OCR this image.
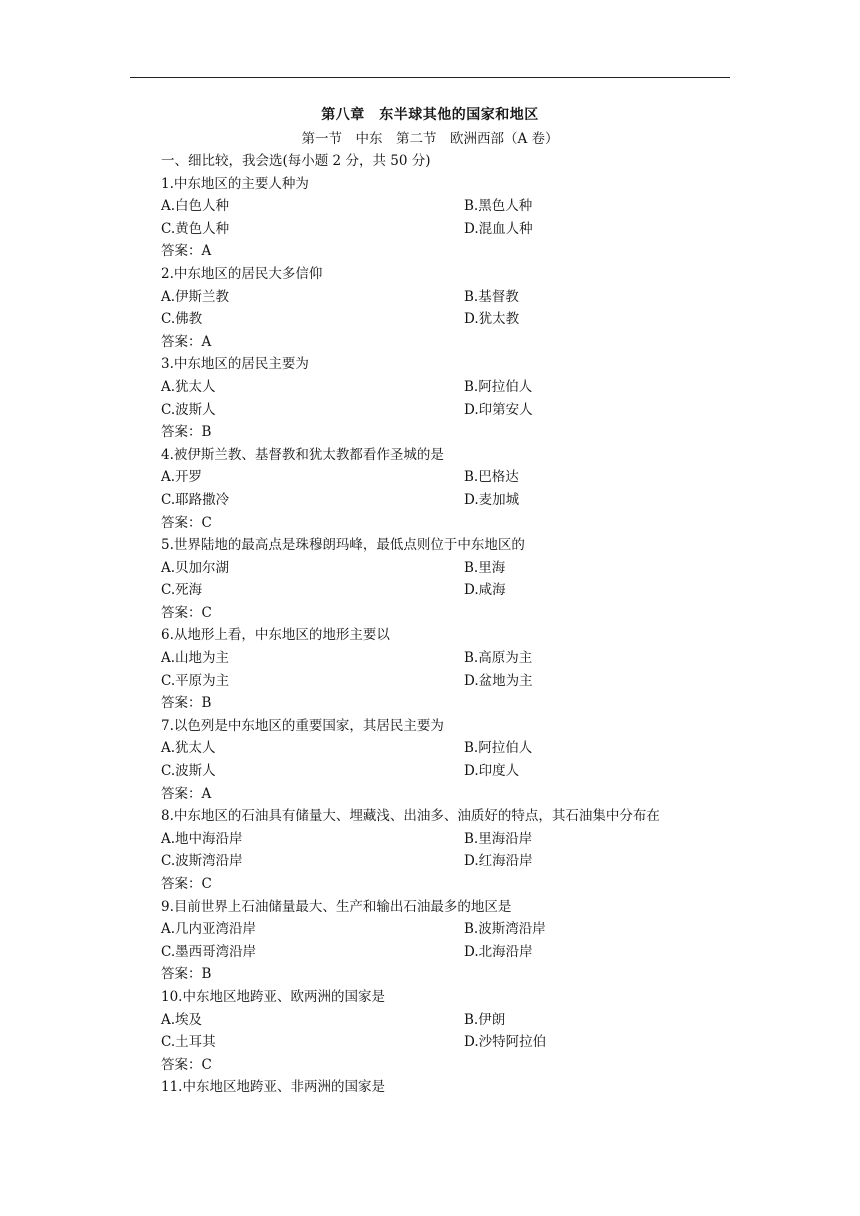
第八章　东半球其他的国家和地区
第一节　中东　第二节　欧洲西部（A 卷）
一、细比较，我会选(每小题 2 分，共 50 分)
1.中东地区的主要人种为
A.白色人种	B.黑色人种
C.黄色人种	D.混血人种
答案：A
2.中东地区的居民大多信仰
A.伊斯兰教	B.基督教
C.佛教	D.犹太教
答案：A
3.中东地区的居民主要为
A.犹太人	B.阿拉伯人
C.波斯人	D.印第安人
答案：B
4.被伊斯兰教、基督教和犹太教都看作圣城的是
A.开罗	B.巴格达
C.耶路撒冷	D.麦加城
答案：C
5.世界陆地的最高点是珠穆朗玛峰，最低点则位于中东地区的
A.贝加尔湖	B.里海
C.死海	D.咸海
答案：C
6.从地形上看，中东地区的地形主要以
A.山地为主	B.高原为主
C.平原为主	D.盆地为主
答案：B
7.以色列是中东地区的重要国家，其居民主要为
A.犹太人	B.阿拉伯人
C.波斯人	D.印度人
答案：A
8.中东地区的石油具有储量大、埋藏浅、出油多、油质好的特点，其石油集中分布在
A.地中海沿岸	B.里海沿岸
C.波斯湾沿岸	D.红海沿岸
答案：C
9.目前世界上石油储量最大、生产和输出石油最多的地区是
A.几内亚湾沿岸	B.波斯湾沿岸
C.墨西哥湾沿岸	D.北海沿岸
答案：B
10.中东地区地跨亚、欧两洲的国家是
A.埃及	B.伊朗
C.土耳其	D.沙特阿拉伯
答案：C
11.中东地区地跨亚、非两洲的国家是
